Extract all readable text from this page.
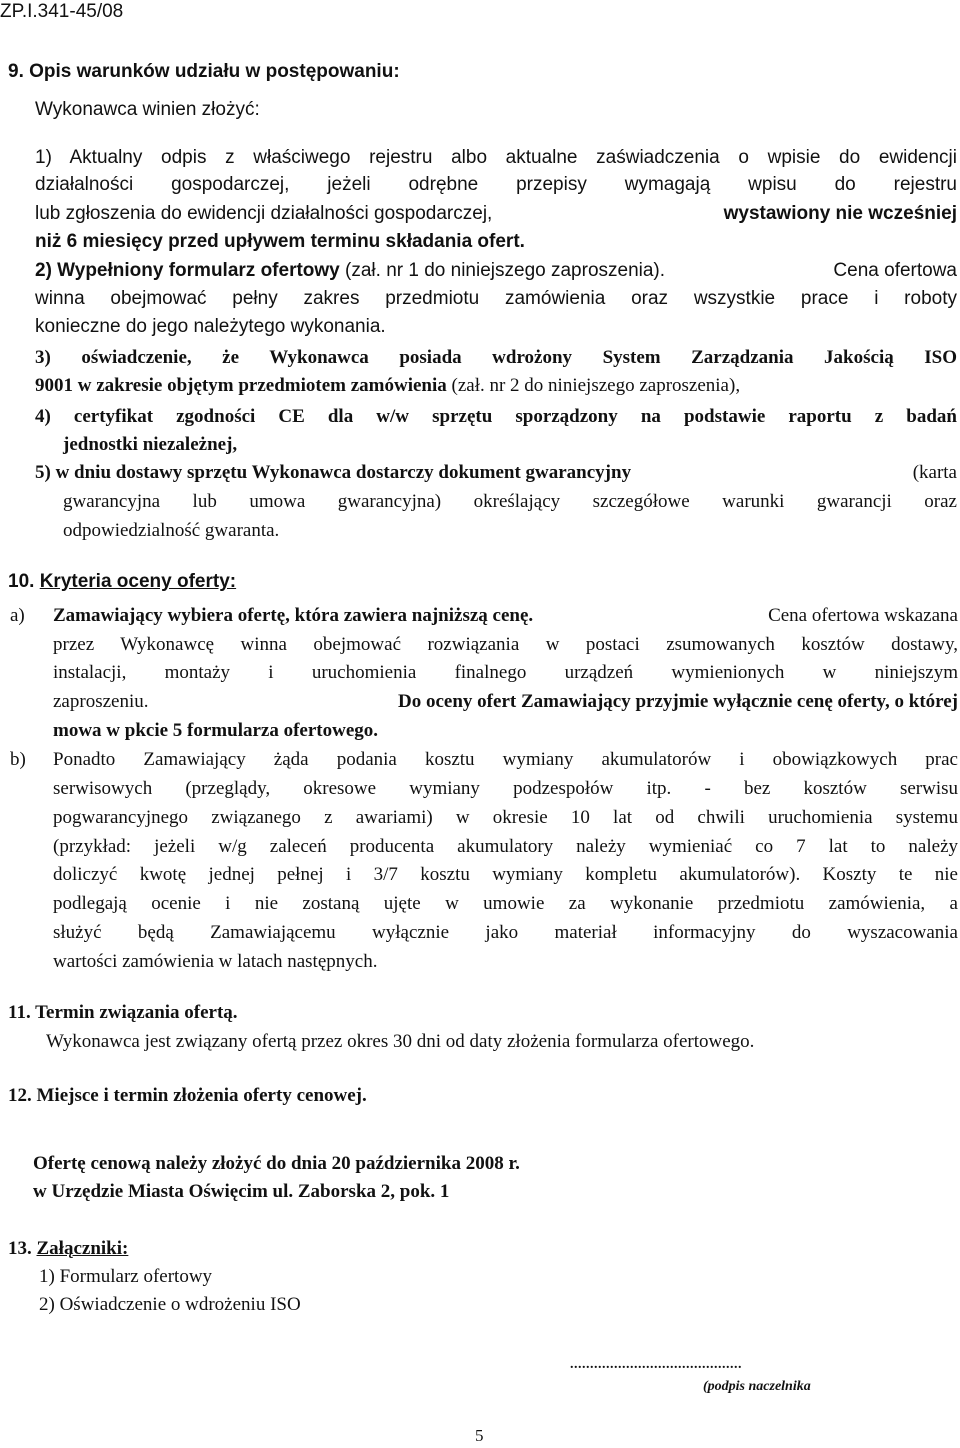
ZP.I.341-45/08
9. Opis warunków udziału w postępowaniu:
Wykonawca winien złożyć:
1) Aktualny odpis z właściwego rejestru albo aktualne zaświadczenia o wpisie do ewidencji
działalności gospodarczej, jeżeli odrębne przepisy wymagają wpisu do rejestru
lub zgłoszenia do ewidencji działalności gospodarczej,	wystawiony nie wcześniej
niż 6 miesięcy przed upływem terminu składania ofert.
2) Wypełniony formularz ofertowy (zał. nr 1 do niniejszego zaproszenia).	Cena ofertowa
winna obejmować pełny zakres przedmiotu zamówienia oraz wszystkie prace i roboty
konieczne do jego należytego wykonania.
3) oświadczenie, że Wykonawca posiada wdrożony System Zarządzania Jakością ISO
9001 w zakresie objętym przedmiotem zamówienia (zał. nr 2 do niniejszego zaproszenia),
4) certyfikat zgodności CE dla w/w sprzętu sporządzony na podstawie raportu z badań
jednostki niezależnej,
5) w dniu dostawy sprzętu Wykonawca dostarczy dokument gwarancyjny	(karta
gwarancyjna lub umowa gwarancyjna) określający szczegółowe warunki gwarancji oraz
odpowiedzialność gwaranta.
10. Kryteria oceny oferty:
a) Zamawiający wybiera ofertę, która zawiera najniższą cenę.	Cena ofertowa wskazana
przez Wykonawcę winna obejmować rozwiązania w postaci zsumowanych kosztów dostawy,
instalacji, montaży i uruchomienia finalnego urządzeń wymienionych w niniejszym
zaproszeniu.	Do oceny ofert Zamawiający przyjmie wyłącznie cenę oferty, o której
mowa w pkcie 5 formularza ofertowego.
b) Ponadto Zamawiający żąda podania kosztu wymiany akumulatorów i obowiązkowych prac
serwisowych (przeglądy, okresowe wymiany podzespołów itp. - bez kosztów serwisu
pogwarancyjnego związanego z awariami) w okresie 10 lat od chwili uruchomienia systemu
(przykład: jeżeli w/g zaleceń producenta akumulatory należy wymieniać co 7 lat to należy
doliczyć kwotę jednej pełnej i 3/7 kosztu wymiany kompletu akumulatorów). Koszty te nie
podlegają ocenie i nie zostaną ujęte w umowie za wykonanie przedmiotu zamówienia, a
służyć będą Zamawiającemu wyłącznie jako materiał informacyjny do wyszacowania
wartości zamówienia w latach następnych.
11. Termin związania ofertą.
Wykonawca jest związany ofertą przez okres 30 dni od daty złożenia formularza ofertowego.
12. Miejsce i termin złożenia oferty cenowej.
Ofertę cenową należy złożyć do dnia 20 października 2008 r.
w Urzędzie Miasta Oświęcim ul. Zaborska 2, pok. 1
13. Załączniki:
1) Formularz ofertowy
2) Oświadczenie o wdrożeniu ISO
...........................................
(podpis naczelnika
5
